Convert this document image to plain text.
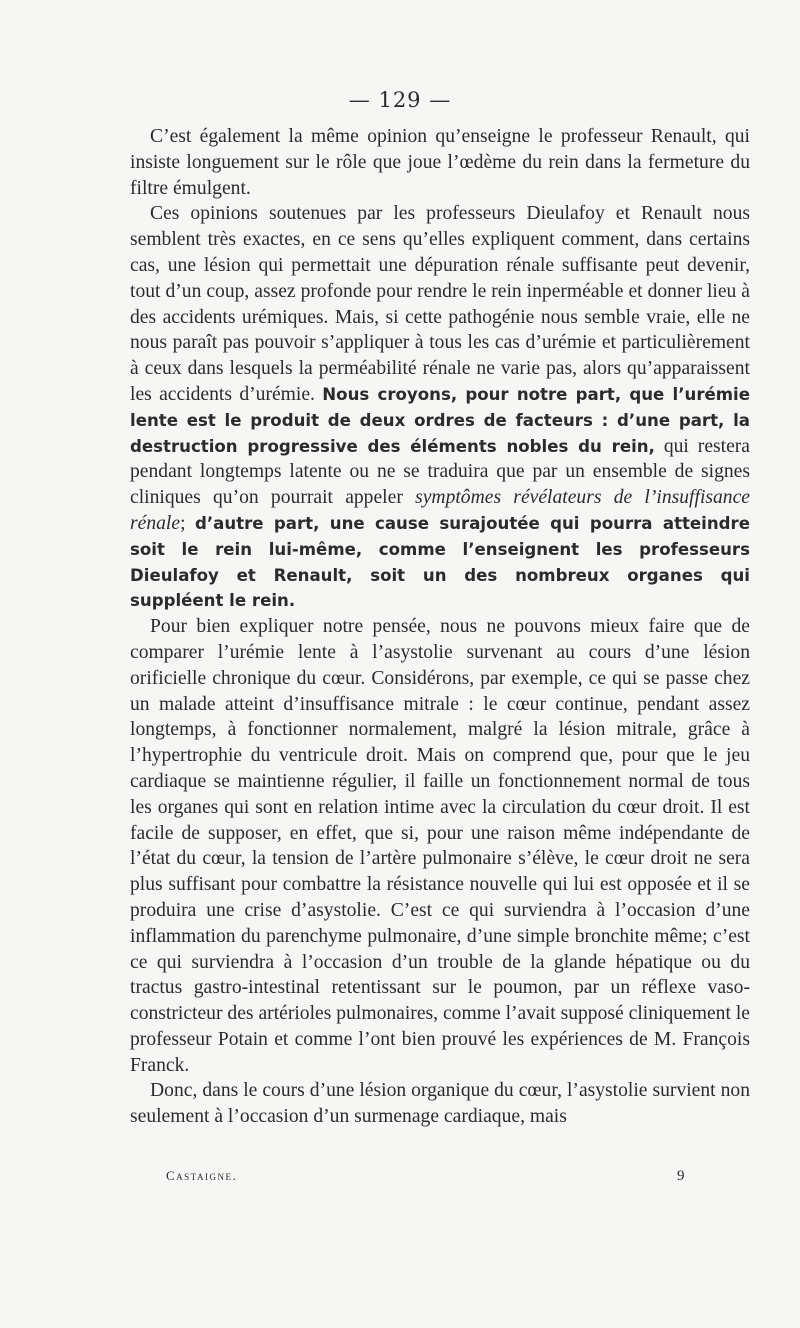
— 129 —

C’est également la même opinion qu’enseigne le professeur Renault, qui insiste longuement sur le rôle que joue l’œdème du rein dans la fermeture du filtre émulgent.

Ces opinions soutenues par les professeurs Dieulafoy et Renault nous semblent très exactes, en ce sens qu’elles expliquent comment, dans certains cas, une lésion qui permettait une dépuration rénale suffisante peut devenir, tout d’un coup, assez profonde pour rendre le rein inperméable et donner lieu à des accidents urémiques. Mais, si cette pathogénie nous semble vraie, elle ne nous paraît pas pouvoir s’appliquer à tous les cas d’urémie et particulièrement à ceux dans lesquels la perméabilité rénale ne varie pas, alors qu’apparaissent les accidents d’urémie. Nous croyons, pour notre part, que l’urémie lente est le produit de deux ordres de facteurs : d’une part, la destruction progressive des éléments nobles du rein, qui restera pendant longtemps latente ou ne se traduira que par un ensemble de signes cliniques qu’on pourrait appeler symptômes révélateurs de l’insuffisance rénale; d’autre part, une cause surajoutée qui pourra atteindre soit le rein lui-même, comme l’enseignent les professeurs Dieulafoy et Renault, soit un des nombreux organes qui suppléent le rein.

Pour bien expliquer notre pensée, nous ne pouvons mieux faire que de comparer l’urémie lente à l’asystolie survenant au cours d’une lésion orificielle chronique du cœur. Considérons, par exemple, ce qui se passe chez un malade atteint d’insuffisance mitrale : le cœur continue, pendant assez longtemps, à fonctionner normalement, malgré la lésion mitrale, grâce à l’hypertrophie du ventricule droit. Mais on comprend que, pour que le jeu cardiaque se maintienne régulier, il faille un fonctionnement normal de tous les organes qui sont en relation intime avec la circulation du cœur droit. Il est facile de supposer, en effet, que si, pour une raison même indépendante de l’état du cœur, la tension de l’artère pulmonaire s’élève, le cœur droit ne sera plus suffisant pour combattre la résistance nouvelle qui lui est opposée et il se produira une crise d’asystolie. C’est ce qui surviendra à l’occasion d’une inflammation du parenchyme pulmonaire, d’une simple bronchite même; c’est ce qui surviendra à l’occasion d’un trouble de la glande hépatique ou du tractus gastro-intestinal retentissant sur le poumon, par un réflexe vaso-constricteur des artérioles pulmonaires, comme l’avait supposé cliniquement le professeur Potain et comme l’ont bien prouvé les expériences de M. François Franck.

Donc, dans le cours d’une lésion organique du cœur, l’asystolie survient non seulement à l’occasion d’un surmenage cardiaque, mais

Castaigne.	9
